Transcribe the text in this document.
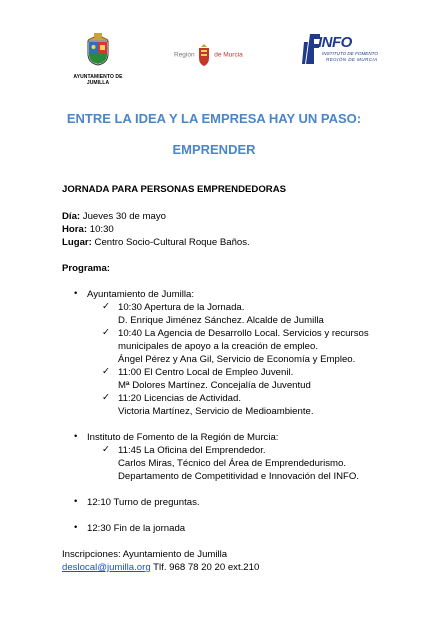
AYUNTAMIENTO DE JUMILLA
Región	de Murcia
INFO
INSTITUTO DE FOMENTO
REGIÓN DE MURCIA
ENTRE LA IDEA Y LA EMPRESA HAY UN PASO:
EMPRENDER
JORNADA PARA PERSONAS EMPRENDEDORAS
Día: Jueves 30 de mayo
Hora: 10:30
Lugar: Centro Socio-Cultural Roque Baños.
Programa:
• Ayuntamiento de Jumilla:
✓ 10:30 Apertura de la Jornada.
D. Enrique Jiménez Sánchez. Alcalde de Jumilla
✓ 10:40 La Agencia de Desarrollo Local. Servicios y recursos
municipales de apoyo a la creación de empleo.
Ángel Pérez y Ana Gil, Servicio de Economía y Empleo.
✓ 11:00 El Centro Local de Empleo Juvenil.
Mª Dolores Martínez. Concejalía de Juventud
✓ 11:20 Licencias de Actividad.
Victoria Martínez, Servicio de Medioambiente.
• Instituto de Fomento de la Región de Murcia:
✓ 11:45 La Oficina del Emprendedor.
Carlos Miras, Técnico del Área de Emprendedurismo.
Departamento de Competitividad e Innovación del INFO.
• 12:10 Turno de preguntas.
• 12:30 Fin de la jornada
Inscripciones: Ayuntamiento de Jumilla
deslocal@jumilla.org Tlf. 968 78 20 20 ext.210
